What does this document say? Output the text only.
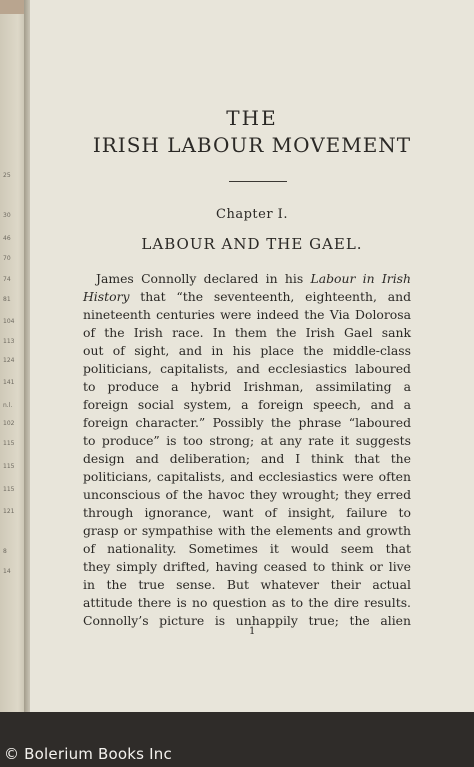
25
30
46
70
74
81
104
113
124
141
n.l.
102
115
115
115
121
8
14
THE
IRISH LABOUR MOVEMENT
Chapter I.
LABOUR AND THE GAEL.
James Connolly declared in his Labour in Irish
History that “the seventeenth, eighteenth, and
nineteenth centuries were indeed the Via Dolorosa
of the Irish race. In them the Irish Gael sank
out of sight, and in his place the middle-class
politicians, capitalists, and ecclesiastics laboured
to produce a hybrid Irishman, assimilating a
foreign social system, a foreign speech, and a
foreign character.” Possibly the phrase “laboured
to produce” is too strong; at any rate it suggests
design and deliberation; and I think that the
politicians, capitalists, and ecclesiastics were often
unconscious of the havoc they wrought; they erred
through ignorance, want of insight, failure to
grasp or sympathise with the elements and growth
of nationality. Sometimes it would seem that
they simply drifted, having ceased to think or live
in the true sense. But whatever their actual
attitude there is no question as to the dire results.
Connolly’s picture is unhappily true; the alien
1
© Bolerium Books Inc
